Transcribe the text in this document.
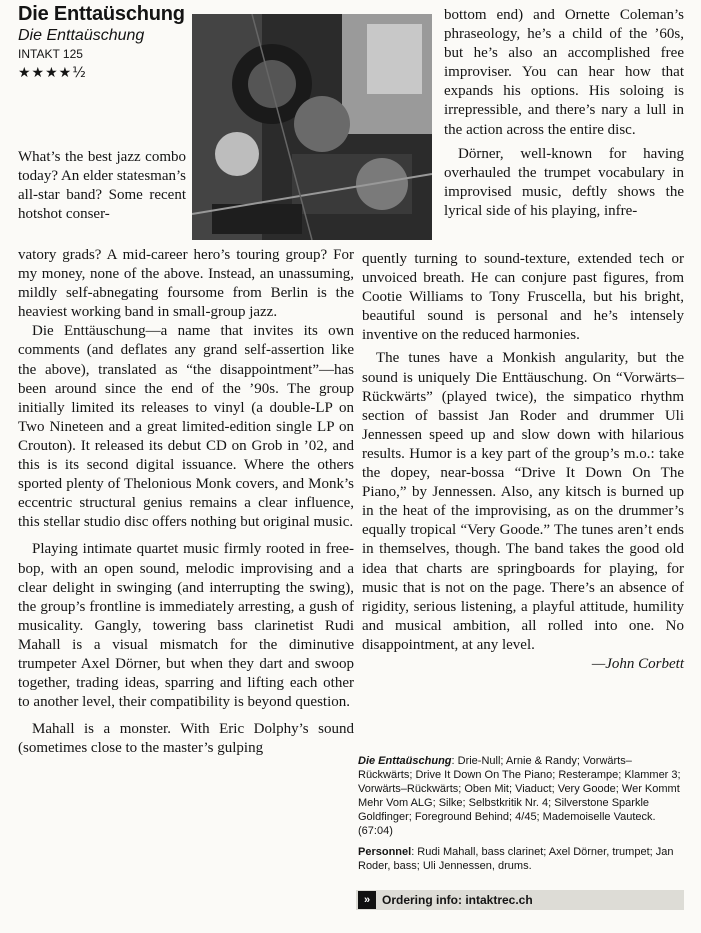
Die Enttaüschung
Die Enttaüschung
INTAKT 125
★★★★½

What’s the best jazz combo today? An elder statesman’s all-star band? Some recent hotshot conser-

vatory grads? A mid-career hero’s touring group? For my money, none of the above. Instead, an unassuming, mildly self-abnegating foursome from Berlin is the heaviest working band in small-group jazz.

Die Enttäuschung—a name that invites its own comments (and deflates any grand self-assertion like the above), translated as “the disappointment”—has been around since the end of the ’90s. The group initially limited its releases to vinyl (a double-LP on Two Nineteen and a great limited-edition single LP on Crouton). It released its debut CD on Grob in ’02, and this is its second digital issuance. Where the others sported plenty of Thelonious Monk covers, and Monk’s eccentric structural genius remains a clear influence, this stellar studio disc offers nothing but original music.

Playing intimate quartet music firmly rooted in free-bop, with an open sound, melodic improvising and a clear delight in swinging (and interrupting the swing), the group’s frontline is immediately arresting, a gush of musicality. Gangly, towering bass clarinetist Rudi Mahall is a visual mismatch for the diminutive trumpeter Axel Dörner, but when they dart and swoop together, trading ideas, sparring and lifting each other to another level, their compatibility is beyond question.

Mahall is a monster. With Eric Dolphy’s sound (sometimes close to the master’s gulping

bottom end) and Ornette Coleman’s phraseology, he’s a child of the ’60s, but he’s also an accomplished free improviser. You can hear how that expands his options. His soloing is irrepressible, and there’s nary a lull in the action across the entire disc.

Dörner, well-known for having overhauled the trumpet vocabulary in improvised music, deftly shows the lyrical side of his playing, infre-

quently turning to sound-texture, extended tech or unvoiced breath. He can conjure past figures, from Cootie Williams to Tony Fruscella, but his bright, beautiful sound is personal and he’s intensely inventive on the reduced harmonies.

The tunes have a Monkish angularity, but the sound is uniquely Die Enttäuschung. On “Vorwärts–Rückwärts” (played twice), the simpatico rhythm section of bassist Jan Roder and drummer Uli Jennessen speed up and slow down with hilarious results. Humor is a key part of the group’s m.o.: take the dopey, near-bossa “Drive It Down On The Piano,” by Jennessen. Also, any kitsch is burned up in the heat of the improvising, as on the drummer’s equally tropical “Very Goode.” The tunes aren’t ends in themselves, though. The band takes the good old idea that charts are springboards for playing, for music that is not on the page. There’s an absence of rigidity, serious listening, a playful attitude, humility and musical ambition, all rolled into one. No disappointment, at any level.

—John Corbett

Die Enttaüschung: Drie-Null; Arnie & Randy; Vorwärts–Rückwärts; Drive It Down On The Piano; Resterampe; Klammer 3; Vorwärts–Rückwärts; Oben Mit; Viaduct; Very Goode; Wer Kommt Mehr Vom ALG; Silke; Selbstkritik Nr. 4; Silverstone Sparkle Goldfinger; Foreground Behind; 4/45; Mademoiselle Vauteck. (67:04)
Personnel: Rudi Mahall, bass clarinet; Axel Dörner, trumpet; Jan Roder, bass; Uli Jennessen, drums.
» Ordering info: intaktrec.ch
